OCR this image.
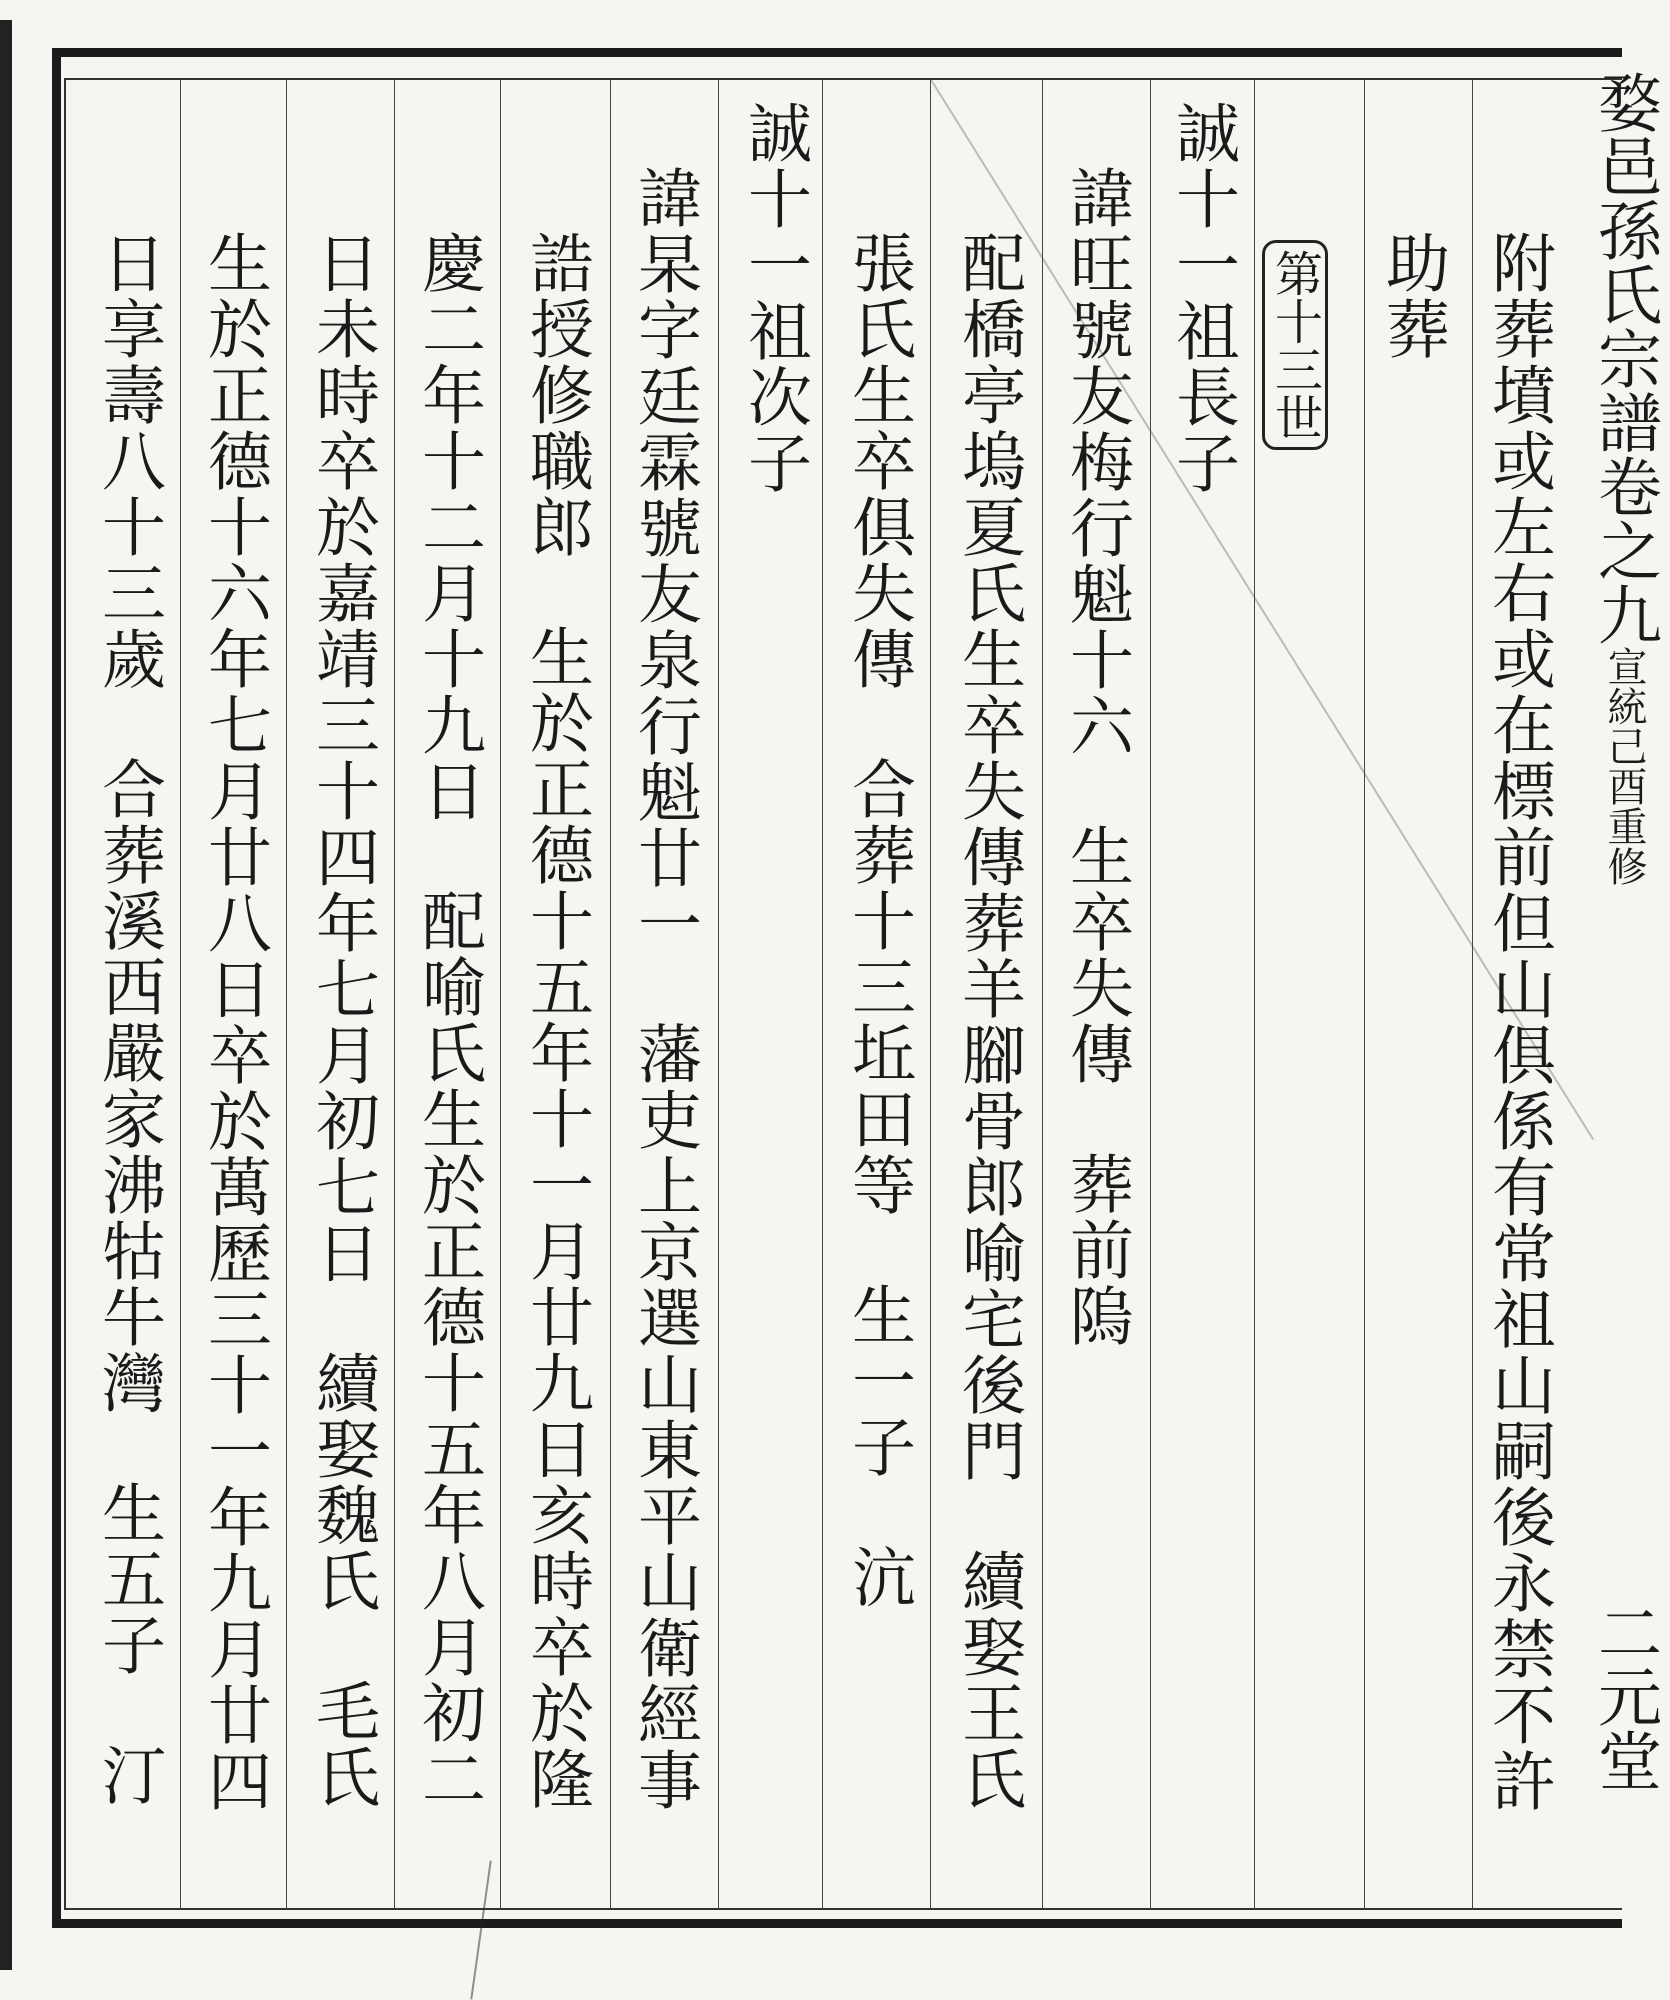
婺邑孫氏宗譜卷之九宣統己酉重修
二元堂
第十三世 附葬墳或左右或在標前但山俱係有常祖山嗣後永禁不許
助葬
誠十一祖長子
諱旺號友梅行魁十六生卒失傳葬前隖
配橋亭塢夏氏生卒失傳葬羊腳骨郎喻宅後門續娶王氏
張氏生卒俱失傳合葬十三坵田等生一子沆
誠十一祖次子
諱杲字廷霖號友泉行魁廿一藩吏上京選山東平山衛經事
誥授修職郎生於正德十五年十一月廿九日亥時卒於隆
慶二年十二月十九日配喻氏生於正德十五年八月初二
日未時卒於嘉靖三十四年七月初七日續娶魏氏毛氏
生於正德十六年七月廿八日卒於萬歷三十一年九月廿四
日享壽八十三歲合葬溪西嚴家沸牯牛灣生五子汀
